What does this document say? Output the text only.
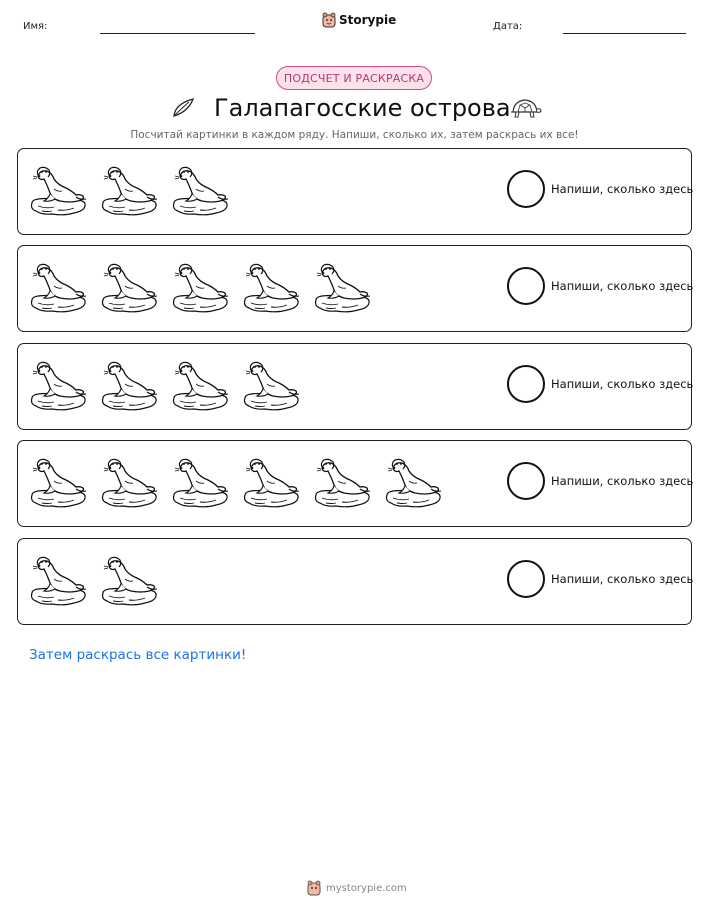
Имя:	Storypie	Дата:
ПОДСЧЕТ И РАСКРАСКА
Галапагосские острова
Посчитай картинки в каждом ряду. Напиши, сколько их, затем раскрась их все!
Напиши, сколько здесь
Напиши, сколько здесь
Напиши, сколько здесь
Напиши, сколько здесь
Напиши, сколько здесь
Затем раскрась все картинки!
mystorypie.com
